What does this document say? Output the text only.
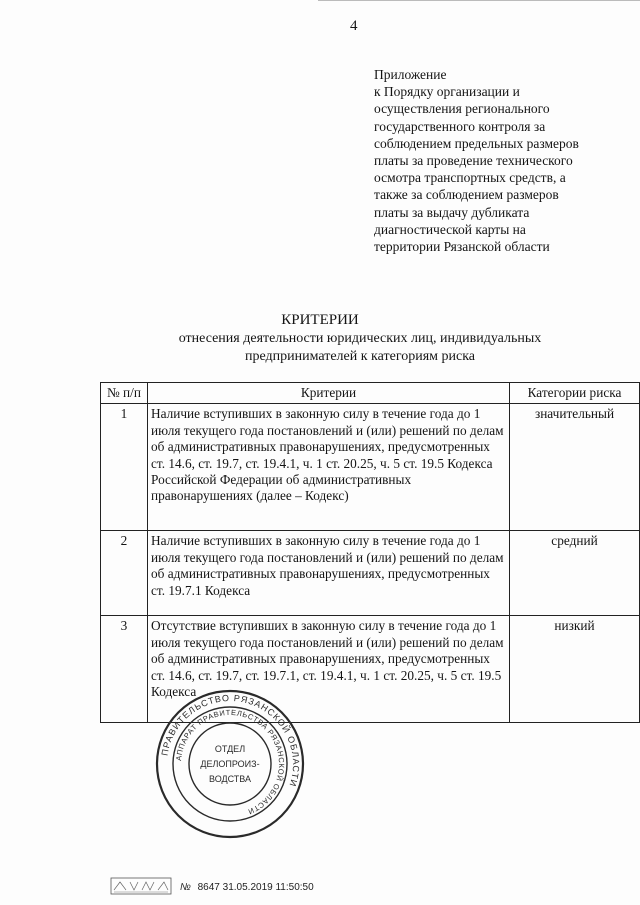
4
Приложение
к Порядку организации и
осуществления регионального
государственного контроля за
соблюдением предельных размеров
платы за проведение технического
осмотра транспортных средств, а
также за соблюдением размеров
платы за выдачу дубликата
диагностической карты на
территории Рязанской области
КРИТЕРИИ
отнесения деятельности юридических лиц, индивидуальных
предпринимателей к категориям риска
№ п/п	Критерии	Категории риска
1	Наличие вступивших в законную силу в течение года до 1 июля текущего года постановлений и (или) решений по делам об административных правонарушениях, предусмотренных ст. 14.6, ст. 19.7, ст. 19.4.1, ч. 1 ст. 20.25, ч. 5 ст. 19.5 Кодекса Российской Федерации об административных правонарушениях (далее – Кодекс)	значительный
2	Наличие вступивших в законную силу в течение года до 1 июля текущего года постановлений и (или) решений по делам об административных правонарушениях, предусмотренных ст. 19.7.1 Кодекса	средний
3	Отсутствие вступивших в законную силу в течение года до 1 июля текущего года постановлений и (или) решений по делам об административных правонарушениях, предусмотренных ст. 14.6, ст. 19.7, ст. 19.7.1, ст. 19.4.1, ч. 1 ст. 20.25, ч. 5 ст. 19.5 Кодекса	низкий
ПРАВИТЕЛЬСТВО РЯЗАНСКОЙ ОБЛАСТИ
АППАРАТ ПРАВИТЕЛЬСТВА РЯЗАНСКОЙ ОБЛАСТИ
ОТДЕЛ
ДЕЛОПРОИЗ-
ВОДСТВА
№ 8647 31.05.2019 11:50:50
